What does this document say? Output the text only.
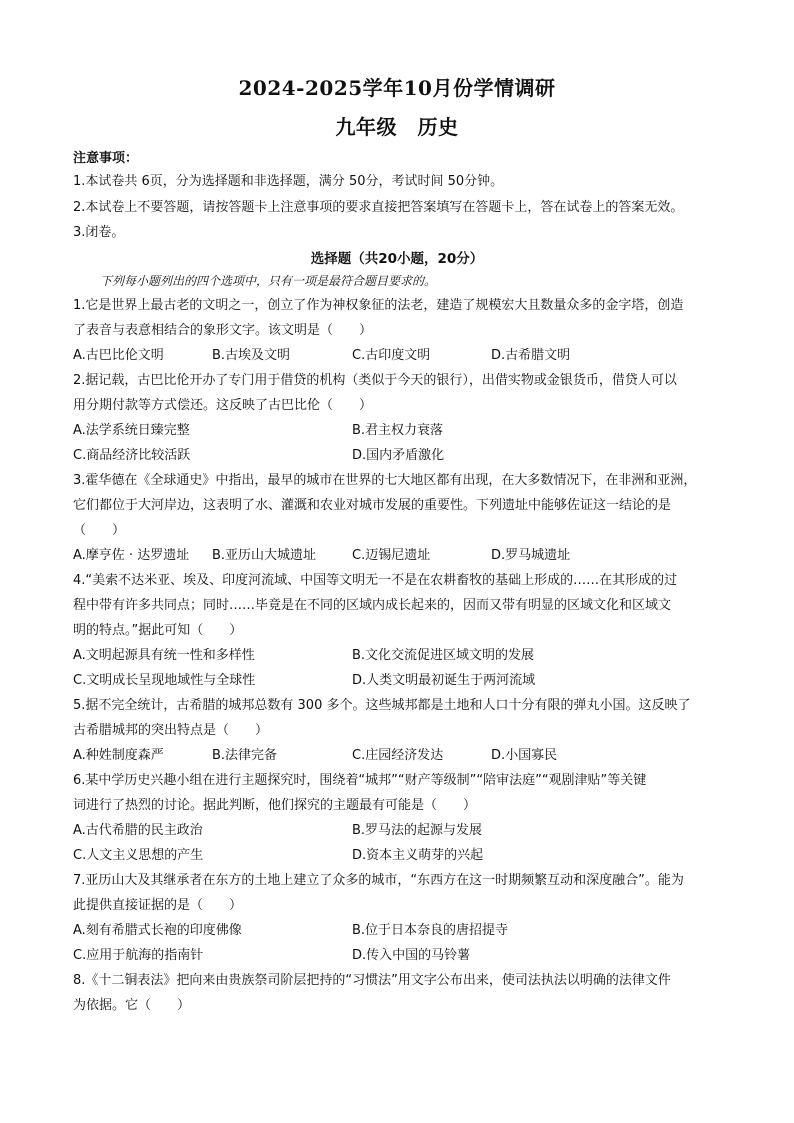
2024-2025学年10月份学情调研
九年级　历史
注意事项：
1.本试卷共 6页，分为选择题和非选择题，满分 50分，考试时间 50分钟。
2.本试卷上不要答题，请按答题卡上注意事项的要求直接把答案填写在答题卡上，答在试卷上的答案无效。
3.闭卷。
选择题（共20小题，20分）
下列每小题列出的四个选项中，只有一项是最符合题目要求的。
1.它是世界上最古老的文明之一，创立了作为神权象征的法老，建造了规模宏大且数量众多的金字塔，创造
了表音与表意相结合的象形文字。该文明是（　　）
A.古巴比伦文明	B.古埃及文明	C.古印度文明	D.古希腊文明
2.据记载，古巴比伦开办了专门用于借贷的机构（类似于今天的银行），出借实物或金银货币，借贷人可以
用分期付款等方式偿还。这反映了古巴比伦（　　）
A.法学系统日臻完整	B.君主权力衰落
C.商品经济比较活跃	D.国内矛盾激化
3.霍华德在《全球通史》中指出，最早的城市在世界的七大地区都有出现，在大多数情况下，在非洲和亚洲，
它们都位于大河岸边，这表明了水、灌溉和农业对城市发展的重要性。下列遗址中能够佐证这一结论的是
（　　）
A.摩亨佐 · 达罗遗址 B.亚历山大城遗址	C.迈锡尼遗址	D.罗马城遗址
4.“美索不达米亚、埃及、印度河流域、中国等文明无一不是在农耕畜牧的基础上形成的……在其形成的过
程中带有许多共同点；同时……毕竟是在不同的区域内成长起来的，因而又带有明显的区域文化和区域文
明的特点。”据此可知（　　）
A.文明起源具有统一性和多样性	B.文化交流促进区域文明的发展
C.文明成长呈现地域性与全球性	D.人类文明最初诞生于两河流域
5.据不完全统计，古希腊的城邦总数有 300 多个。这些城邦都是土地和人口十分有限的弹丸小国。这反映了
古希腊城邦的突出特点是（　　）
A.种姓制度森严	B.法律完备	C.庄园经济发达	D.小国寡民
6.某中学历史兴趣小组在进行主题探究时，围绕着“城邦”“财产等级制”“陪审法庭”“观剧津贴”等关键
词进行了热烈的讨论。据此判断，他们探究的主题最有可能是（　　）
A.古代希腊的民主政治	B.罗马法的起源与发展
C.人文主义思想的产生	D.资本主义萌芽的兴起
7.亚历山大及其继承者在东方的土地上建立了众多的城市，“东西方在这一时期频繁互动和深度融合”。能为
此提供直接证据的是（　　）
A.刻有希腊式长袍的印度佛像	B.位于日本奈良的唐招提寺
C.应用于航海的指南针	D.传入中国的马铃薯
8.《十二铜表法》把向来由贵族祭司阶层把持的“习惯法”用文字公布出来，使司法执法以明确的法律文件
为依据。它（　　）
